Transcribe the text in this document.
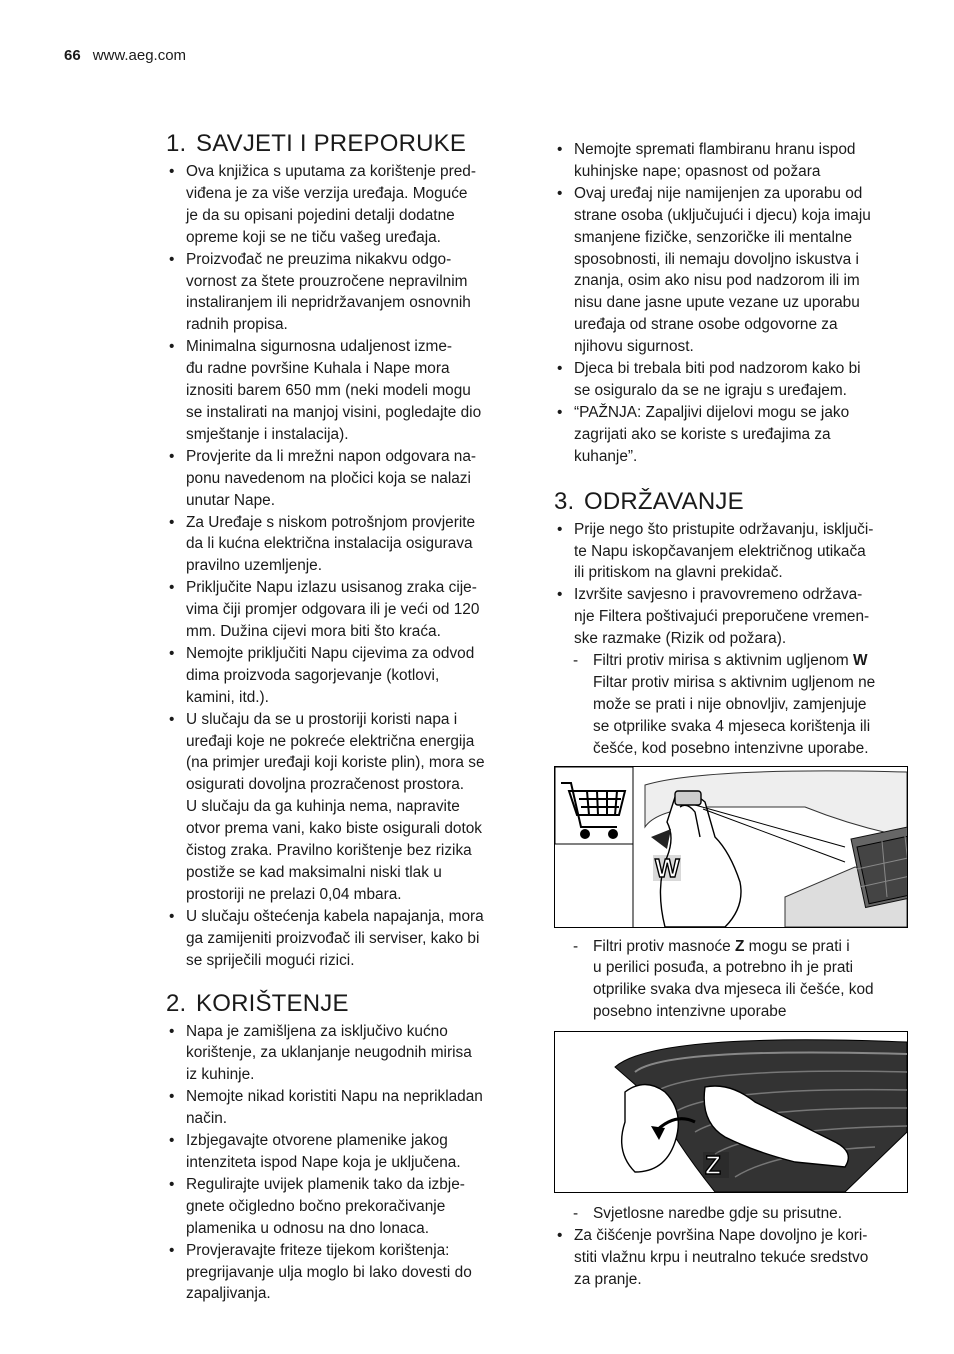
66 www.aeg.com
1. SAVJETI I PREPORUKE
• Ova knjižica s uputama za korištenje pred-
viđena je za više verzija uređaja. Moguće
je da su opisani pojedini detalji dodatne
opreme koji se ne tiču vašeg uređaja.
• Proizvođač ne preuzima nikakvu odgo-
vornost za štete prouzročene nepravilnim
instaliranjem ili nepridržavanjem osnovnih
radnih propisa.
• Minimalna sigurnosna udaljenost izme-
đu radne površine Kuhala i Nape mora
iznositi barem 650 mm (neki modeli mogu
se instalirati na manjoj visini, pogledajte dio
smještanje i instalacija).
• Provjerite da li mrežni napon odgovara na-
ponu navedenom na pločici koja se nalazi
unutar Nape.
• Za Uređaje s niskom potrošnjom provjerite
da li kućna električna instalacija osigurava
pravilno uzemljenje.
• Priključite Napu izlazu usisanog zraka cije-
vima čiji promjer odgovara ili je veći od 120
mm. Dužina cijevi mora biti što kraća.
• Nemojte priključiti Napu cijevima za odvod
dima proizvoda sagorjevanje (kotlovi,
kamini, itd.).
• U slučaju da se u prostoriji koristi napa i
uređaji koje ne pokreće električna energija
(na primjer uređaji koji koriste plin), mora se
osigurati dovoljna prozračenost prostora.
U slučaju da ga kuhinja nema, napravite
otvor prema vani, kako biste osigurali dotok
čistog zraka. Pravilno korištenje bez rizika
postiže se kad maksimalni niski tlak u
prostoriji ne prelazi 0,04 mbara.
• U slučaju oštećenja kabela napajanja, mora
ga zamijeniti proizvođač ili serviser, kako bi
se spriječili mogući rizici.
2. KORIŠTENJE
• Napa je zamišljena za isključivo kućno
korištenje, za uklanjanje neugodnih mirisa
iz kuhinje.
• Nemojte nikad koristiti Napu na neprikladan
način.
• Izbjegavajte otvorene plamenike jakog
intenziteta ispod Nape koja je uključena.
• Regulirajte uvijek plamenik tako da izbje-
gnete očigledno bočno prekoračivanje
plamenika u odnosu na dno lonaca.
• Provjeravajte friteze tijekom korištenja:
pregrijavanje ulja moglo bi lako dovesti do
zapaljivanja.
• Nemojte spremati flambiranu hranu ispod
kuhinjske nape; opasnost od požara
• Ovaj uređaj nije namijenjen za uporabu od
strane osoba (uključujući i djecu) koja imaju
smanjene fizičke, senzoričke ili mentalne
sposobnosti, ili nemaju dovoljno iskustva i
znanja, osim ako nisu pod nadzorom ili im
nisu dane jasne upute vezane uz uporabu
uređaja od strane osobe odgovorne za
njihovu sigurnost.
• Djeca bi trebala biti pod nadzorom kako bi
se osiguralo da se ne igraju s uređajem.
• “PAŽNJA: Zapaljivi dijelovi mogu se jako
zagrijati ako se koriste s uređajima za
kuhanje”.
3. ODRŽAVANJE
• Prije nego što pristupite održavanju, isključi-
te Napu iskopčavanjem električnog utikača
ili pritiskom na glavni prekidač.
• Izvršite savjesno i pravovremeno održava-
nje Filtera poštivajući preporučene vremen-
ske razmake (Rizik od požara).
- Filtri protiv mirisa s aktivnim ugljenom W
Filtar protiv mirisa s aktivnim ugljenom ne
može se prati i nije obnovljiv, zamjenjuje
se otprilike svaka 4 mjeseca korištenja ili
češće, kod posebno intenzivne uporabe.
W
- Filtri protiv masnoće Z mogu se prati i
u perilici posuđa, a potrebno ih je prati
otprilike svaka dva mjeseca ili češće, kod
posebno intenzivne uporabe
Z
- Svjetlosne naredbe gdje su prisutne.
• Za čišćenje površina Nape dovoljno je kori-
stiti vlažnu krpu i neutralno tekuće sredstvo
za pranje.
